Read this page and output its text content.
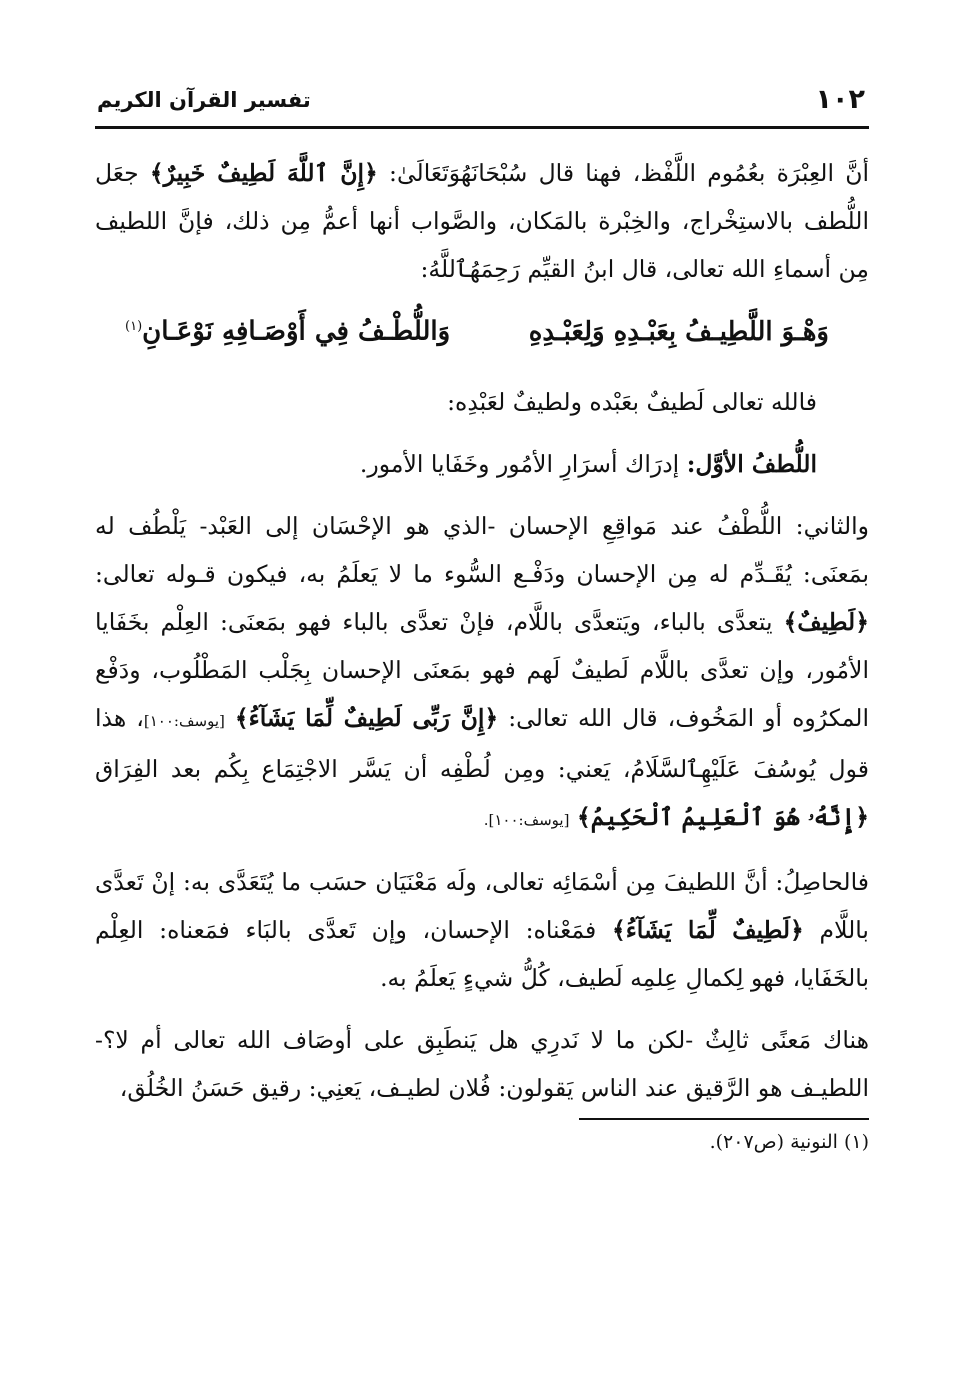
١٠٢
تفسير القرآن الكريم

أنَّ العِبْرَة بعُمُوم اللَّفْظ، فهنا قال سُبْحَانَهُوَتَعَالَىٰ: ﴿إِنَّ ٱللَّهَ لَطِيفٌ خَبِيرٌ﴾ جعَل اللُّطف بالاستِخْراج، والخِبْرة بالمَكان، والصَّواب أنها أعمُّ مِن ذلك، فإنَّ اللطيف مِن أسماءِ الله تعالى، قال ابنُ القيِّم رَحِمَهُٱللَّهُ:

وَهْـوَ اللَّطِيـفُ بِعَبْـدِهِ وَلِعَبْـدِهِ
وَاللُّطْـفُ فِي أَوْصَـافِهِ نَوْعَـانِ$^{(١)}$

فالله تعالى لَطيفٌ بعَبْده ولطيفٌ لعَبْدِه:

اللُّطفُ الأوَّل: إدرَاك أسرَارِ الأمُور وخَفَايا الأمور.

والثاني: اللُّطْفُ عند مَواقِعِ الإحسان -الذي هو الإحْسَان إلى العَبْد- يَلْطُف له بمَعنَى: يُقَـدِّم له مِن الإحسان ودَفْـع السُّوء ما لا يَعلَمُ به، فيكون قـوله تعالى: ﴿لَطِيفٌ﴾ يتعدَّى بالباء، ويَتعدَّى باللَّام، فإنْ تعدَّى بالباء فهو بمَعنَى: العِلْم بخَفَايا الأمُور، وإن تعدَّى باللَّام لَطيفٌ لَهم فهو بمَعنَى الإحسان بِجَلْب المَطْلُوب، ودَفْع المكرُوه أو المَخُوف، قال الله تعالى: ﴿إِنَّ رَبِّى لَطِيفٌ لِّمَا يَشَآءُ﴾ [يوسف:١٠٠]، هذا قول يُوسُفَ عَلَيْهِٱلسَّلَامُ، يَعني: ومِن لُطْفِه أن يَسَّر الاجْتِمَاع بِكُم بعد الفِرَاق ﴿إِنَّهُۥ هُوَ ٱلْعَلِيمُ ٱلْحَكِيمُ﴾ [يوسف:١٠٠].

فالحاصِلُ: أنَّ اللطيفَ مِن أسْمَائِه تعالى، ولَه مَعْنَيَان حسَب ما يُتَعَدَّى به: إنْ تَعدَّى باللَّام ﴿لَطِيفٌ لِّمَا يَشَآءُ﴾ فمَعْناه: الإحسان، وإن تَعدَّى بالبَاء فمَعناه: العِلْم بالخَفَايا، فهو لِكمالِ عِلمِه لَطيف، كُلُّ شيءٍ يَعلَمُ به.

هناك مَعنًى ثالِثٌ -لكن ما لا نَدرِي هل يَنطَبِق على أوصَاف الله تعالى أم لا؟- اللطيـف هو الرَّقيق عند الناس يَقولون: فُلان لطيـف، يَعنِي: رقيق حَسَنُ الخُلُق،

(١) النونية (ص٢٠٧).
